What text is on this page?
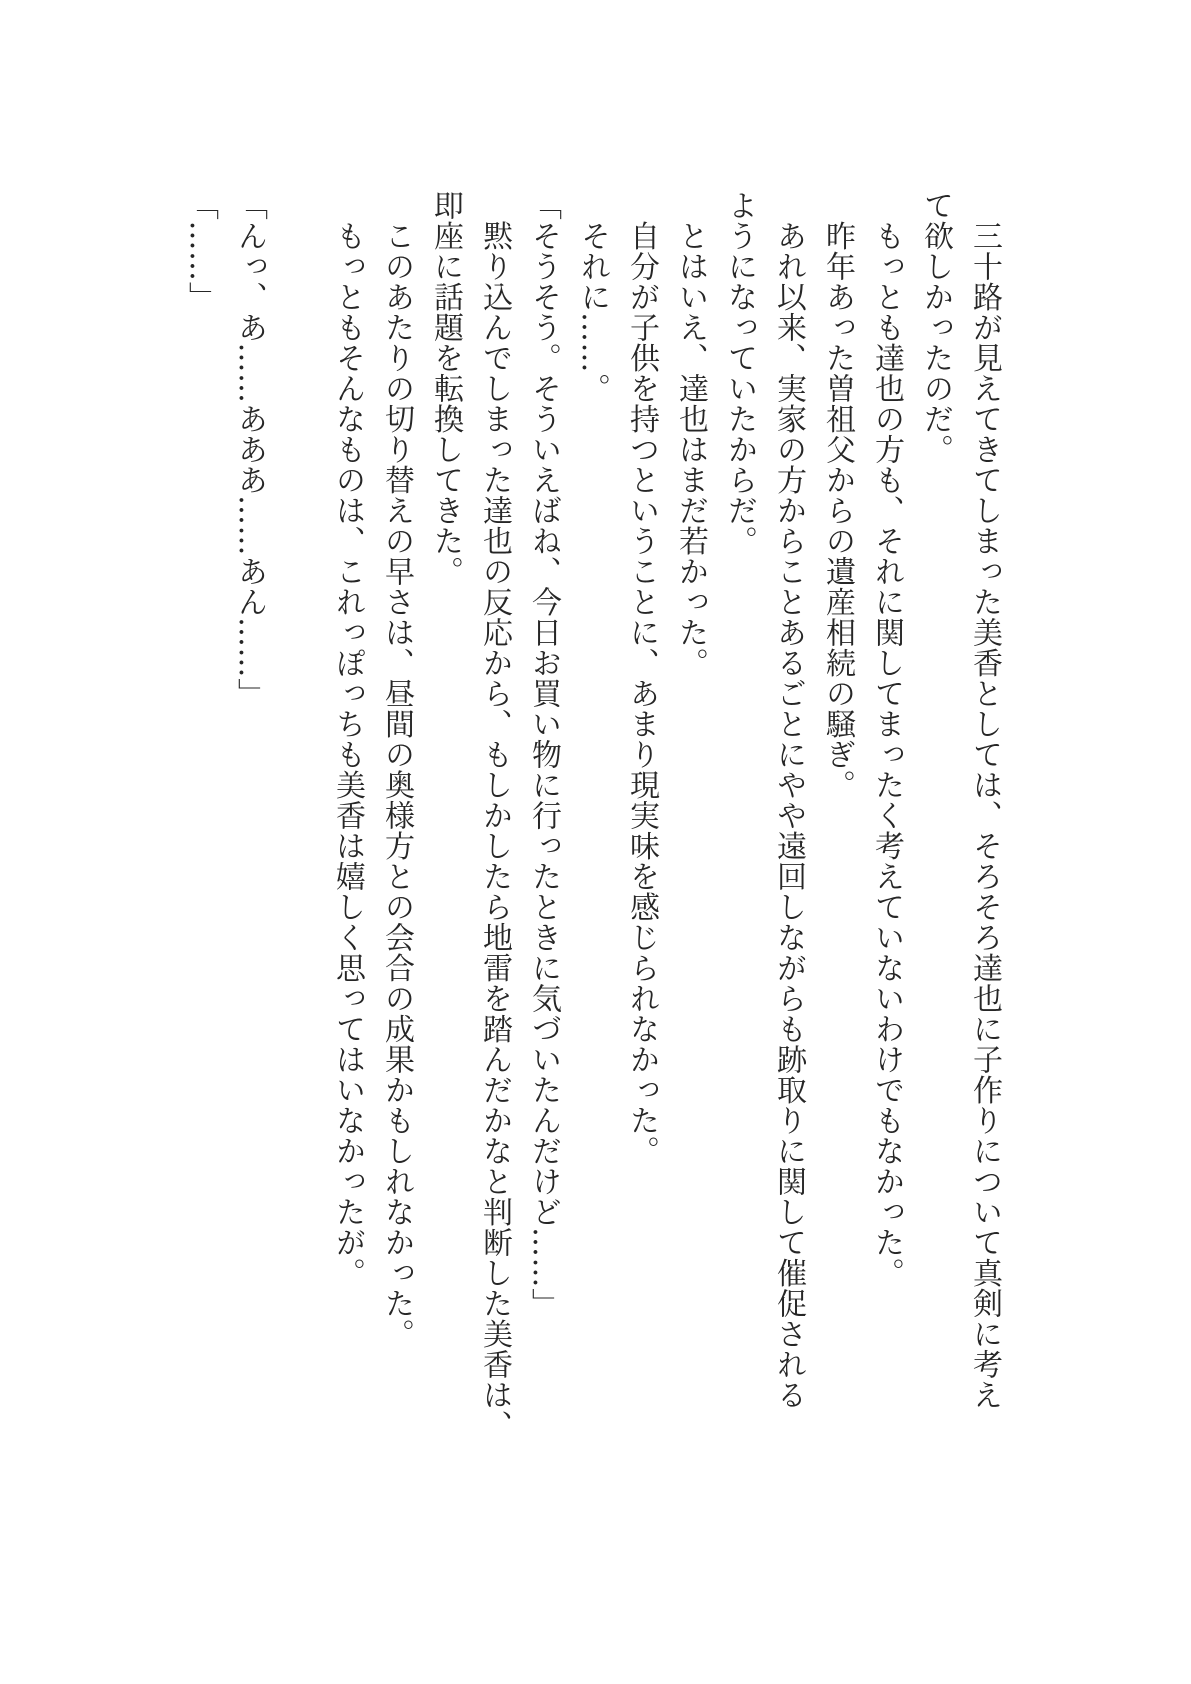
　三十路が見えてきてしまった美香としては、そろそろ達也に子作りについて真剣に考え

て欲しかったのだ。

　もっとも達也の方も、それに関してまったく考えていないわけでもなかった。

　昨年あった曽祖父からの遺産相続の騒ぎ。

　あれ以来、実家の方からことあるごとにやや遠回しながらも跡取りに関して催促される

ようになっていたからだ。

　とはいえ、達也はまだ若かった。

　自分が子供を持つということに、あまり現実味を感じられなかった。

　それに……。

「そうそう。そういえばね、今日お買い物に行ったときに気づいたんだけど……」

　黙り込んでしまった達也の反応から、もしかしたら地雷を踏んだかなと判断した美香は、

即座に話題を転換してきた。

　このあたりの切り替えの早さは、昼間の奥様方との会合の成果かもしれなかった。

　もっともそんなものは、これっぽっちも美香は嬉しく思ってはいなかったが。

「んっ、あ……あああ……あん……」

「……」
